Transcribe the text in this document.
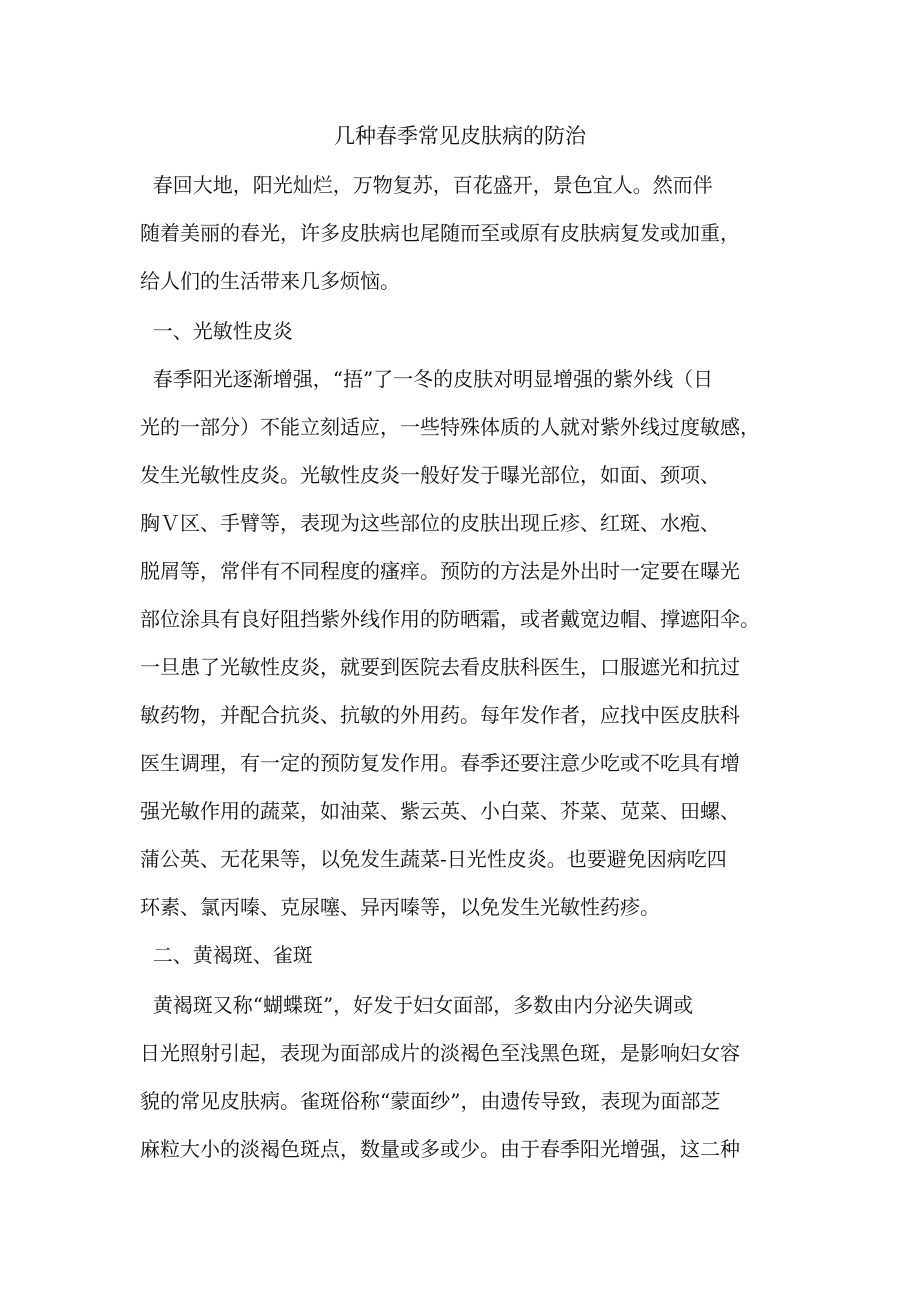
几种春季常见皮肤病的防治
春回大地，阳光灿烂，万物复苏，百花盛开，景色宜人。然而伴
随着美丽的春光，许多皮肤病也尾随而至或原有皮肤病复发或加重，
给人们的生活带来几多烦恼。
一、光敏性皮炎
春季阳光逐渐增强，“捂”了一冬的皮肤对明显增强的紫外线（日
光的一部分）不能立刻适应，一些特殊体质的人就对紫外线过度敏感，
发生光敏性皮炎。光敏性皮炎一般好发于曝光部位，如面、颈项、
胸Ｖ区、手臂等，表现为这些部位的皮肤出现丘疹、红斑、水疱、
脱屑等，常伴有不同程度的瘙痒。预防的方法是外出时一定要在曝光
部位涂具有良好阻挡紫外线作用的防晒霜，或者戴宽边帽、撑遮阳伞。
一旦患了光敏性皮炎，就要到医院去看皮肤科医生，口服遮光和抗过
敏药物，并配合抗炎、抗敏的外用药。每年发作者，应找中医皮肤科
医生调理，有一定的预防复发作用。春季还要注意少吃或不吃具有增
强光敏作用的蔬菜，如油菜、紫云英、小白菜、芥菜、苋菜、田螺、
蒲公英、无花果等，以免发生蔬菜-日光性皮炎。也要避免因病吃四
环素、氯丙嗪、克尿噻、异丙嗪等，以免发生光敏性药疹。
二、黄褐斑、雀斑
黄褐斑又称“蝴蝶斑”，好发于妇女面部，多数由内分泌失调或
日光照射引起，表现为面部成片的淡褐色至浅黑色斑，是影响妇女容
貌的常见皮肤病。雀斑俗称“蒙面纱”，由遗传导致，表现为面部芝
麻粒大小的淡褐色斑点，数量或多或少。由于春季阳光增强，这二种
